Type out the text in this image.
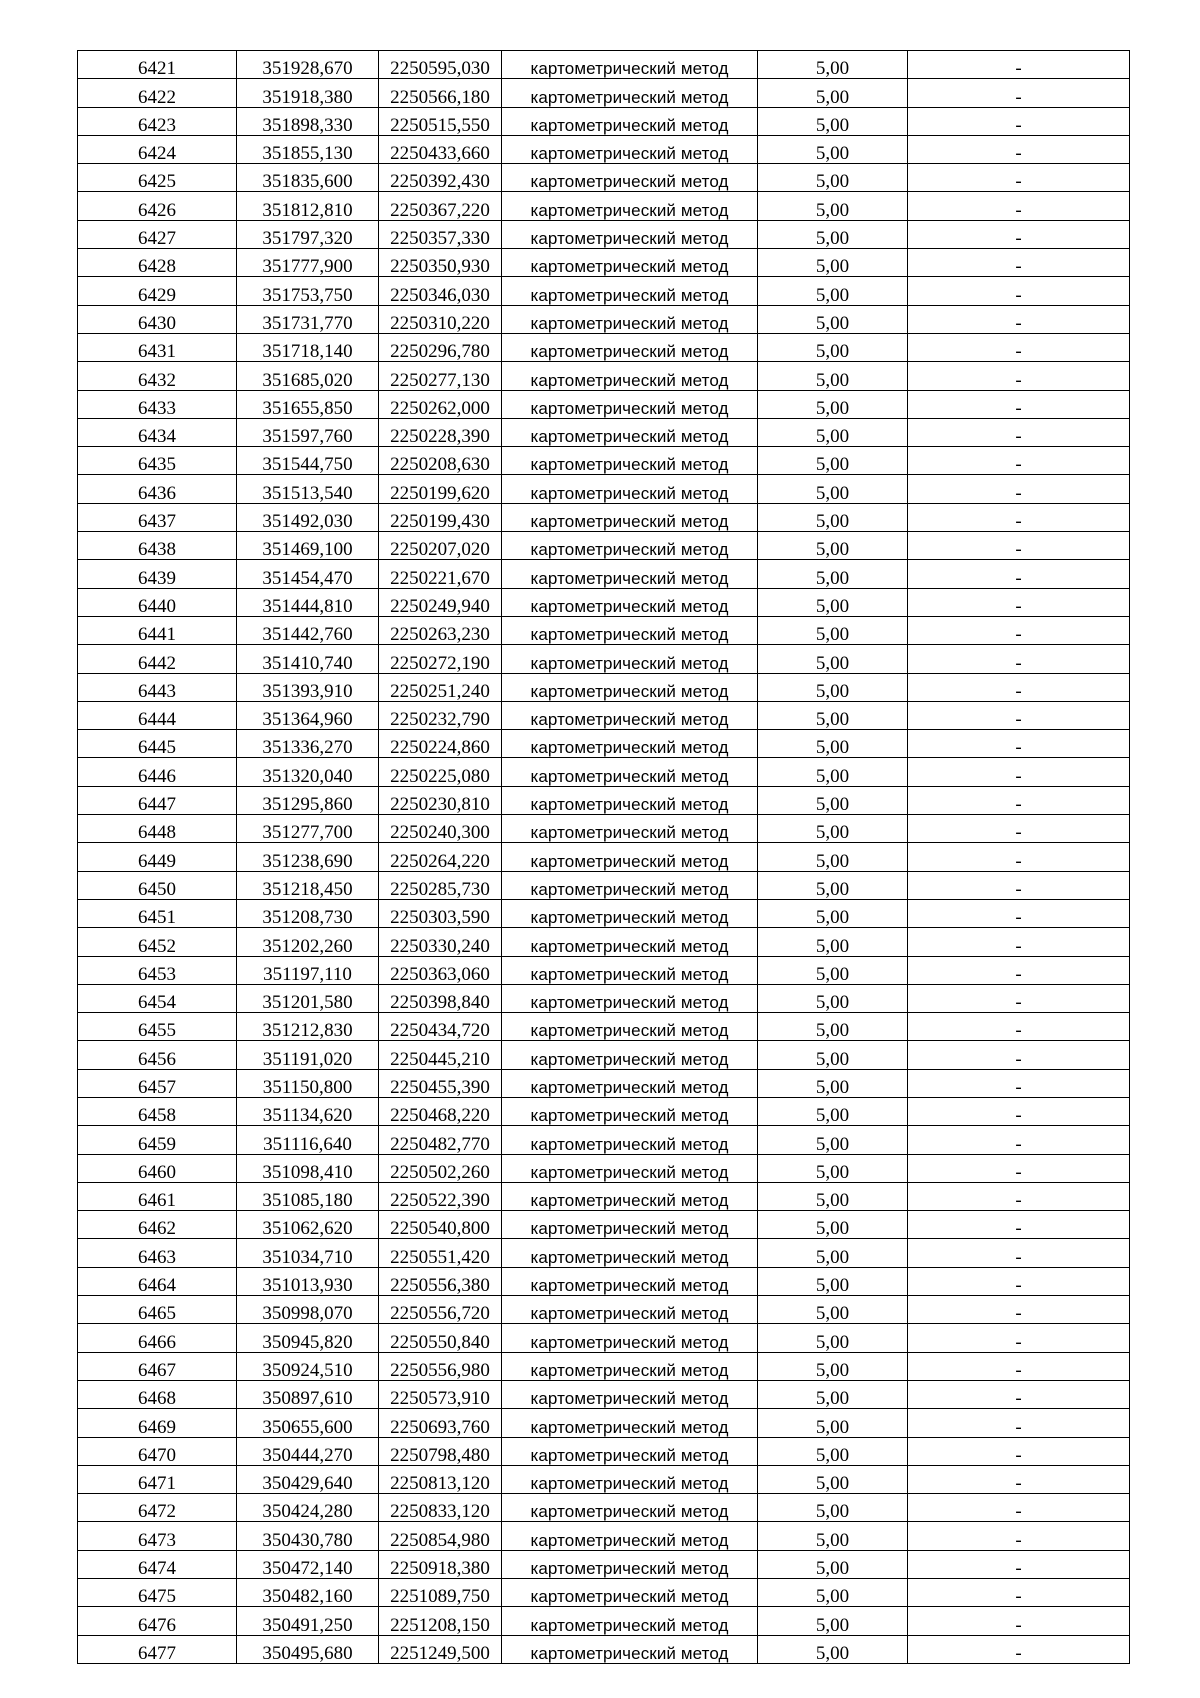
6421	351928,670	2250595,030	картометрический метод	5,00	-
6422	351918,380	2250566,180	картометрический метод	5,00	-
6423	351898,330	2250515,550	картометрический метод	5,00	-
6424	351855,130	2250433,660	картометрический метод	5,00	-
6425	351835,600	2250392,430	картометрический метод	5,00	-
6426	351812,810	2250367,220	картометрический метод	5,00	-
6427	351797,320	2250357,330	картометрический метод	5,00	-
6428	351777,900	2250350,930	картометрический метод	5,00	-
6429	351753,750	2250346,030	картометрический метод	5,00	-
6430	351731,770	2250310,220	картометрический метод	5,00	-
6431	351718,140	2250296,780	картометрический метод	5,00	-
6432	351685,020	2250277,130	картометрический метод	5,00	-
6433	351655,850	2250262,000	картометрический метод	5,00	-
6434	351597,760	2250228,390	картометрический метод	5,00	-
6435	351544,750	2250208,630	картометрический метод	5,00	-
6436	351513,540	2250199,620	картометрический метод	5,00	-
6437	351492,030	2250199,430	картометрический метод	5,00	-
6438	351469,100	2250207,020	картометрический метод	5,00	-
6439	351454,470	2250221,670	картометрический метод	5,00	-
6440	351444,810	2250249,940	картометрический метод	5,00	-
6441	351442,760	2250263,230	картометрический метод	5,00	-
6442	351410,740	2250272,190	картометрический метод	5,00	-
6443	351393,910	2250251,240	картометрический метод	5,00	-
6444	351364,960	2250232,790	картометрический метод	5,00	-
6445	351336,270	2250224,860	картометрический метод	5,00	-
6446	351320,040	2250225,080	картометрический метод	5,00	-
6447	351295,860	2250230,810	картометрический метод	5,00	-
6448	351277,700	2250240,300	картометрический метод	5,00	-
6449	351238,690	2250264,220	картометрический метод	5,00	-
6450	351218,450	2250285,730	картометрический метод	5,00	-
6451	351208,730	2250303,590	картометрический метод	5,00	-
6452	351202,260	2250330,240	картометрический метод	5,00	-
6453	351197,110	2250363,060	картометрический метод	5,00	-
6454	351201,580	2250398,840	картометрический метод	5,00	-
6455	351212,830	2250434,720	картометрический метод	5,00	-
6456	351191,020	2250445,210	картометрический метод	5,00	-
6457	351150,800	2250455,390	картометрический метод	5,00	-
6458	351134,620	2250468,220	картометрический метод	5,00	-
6459	351116,640	2250482,770	картометрический метод	5,00	-
6460	351098,410	2250502,260	картометрический метод	5,00	-
6461	351085,180	2250522,390	картометрический метод	5,00	-
6462	351062,620	2250540,800	картометрический метод	5,00	-
6463	351034,710	2250551,420	картометрический метод	5,00	-
6464	351013,930	2250556,380	картометрический метод	5,00	-
6465	350998,070	2250556,720	картометрический метод	5,00	-
6466	350945,820	2250550,840	картометрический метод	5,00	-
6467	350924,510	2250556,980	картометрический метод	5,00	-
6468	350897,610	2250573,910	картометрический метод	5,00	-
6469	350655,600	2250693,760	картометрический метод	5,00	-
6470	350444,270	2250798,480	картометрический метод	5,00	-
6471	350429,640	2250813,120	картометрический метод	5,00	-
6472	350424,280	2250833,120	картометрический метод	5,00	-
6473	350430,780	2250854,980	картометрический метод	5,00	-
6474	350472,140	2250918,380	картометрический метод	5,00	-
6475	350482,160	2251089,750	картометрический метод	5,00	-
6476	350491,250	2251208,150	картометрический метод	5,00	-
6477	350495,680	2251249,500	картометрический метод	5,00	-
